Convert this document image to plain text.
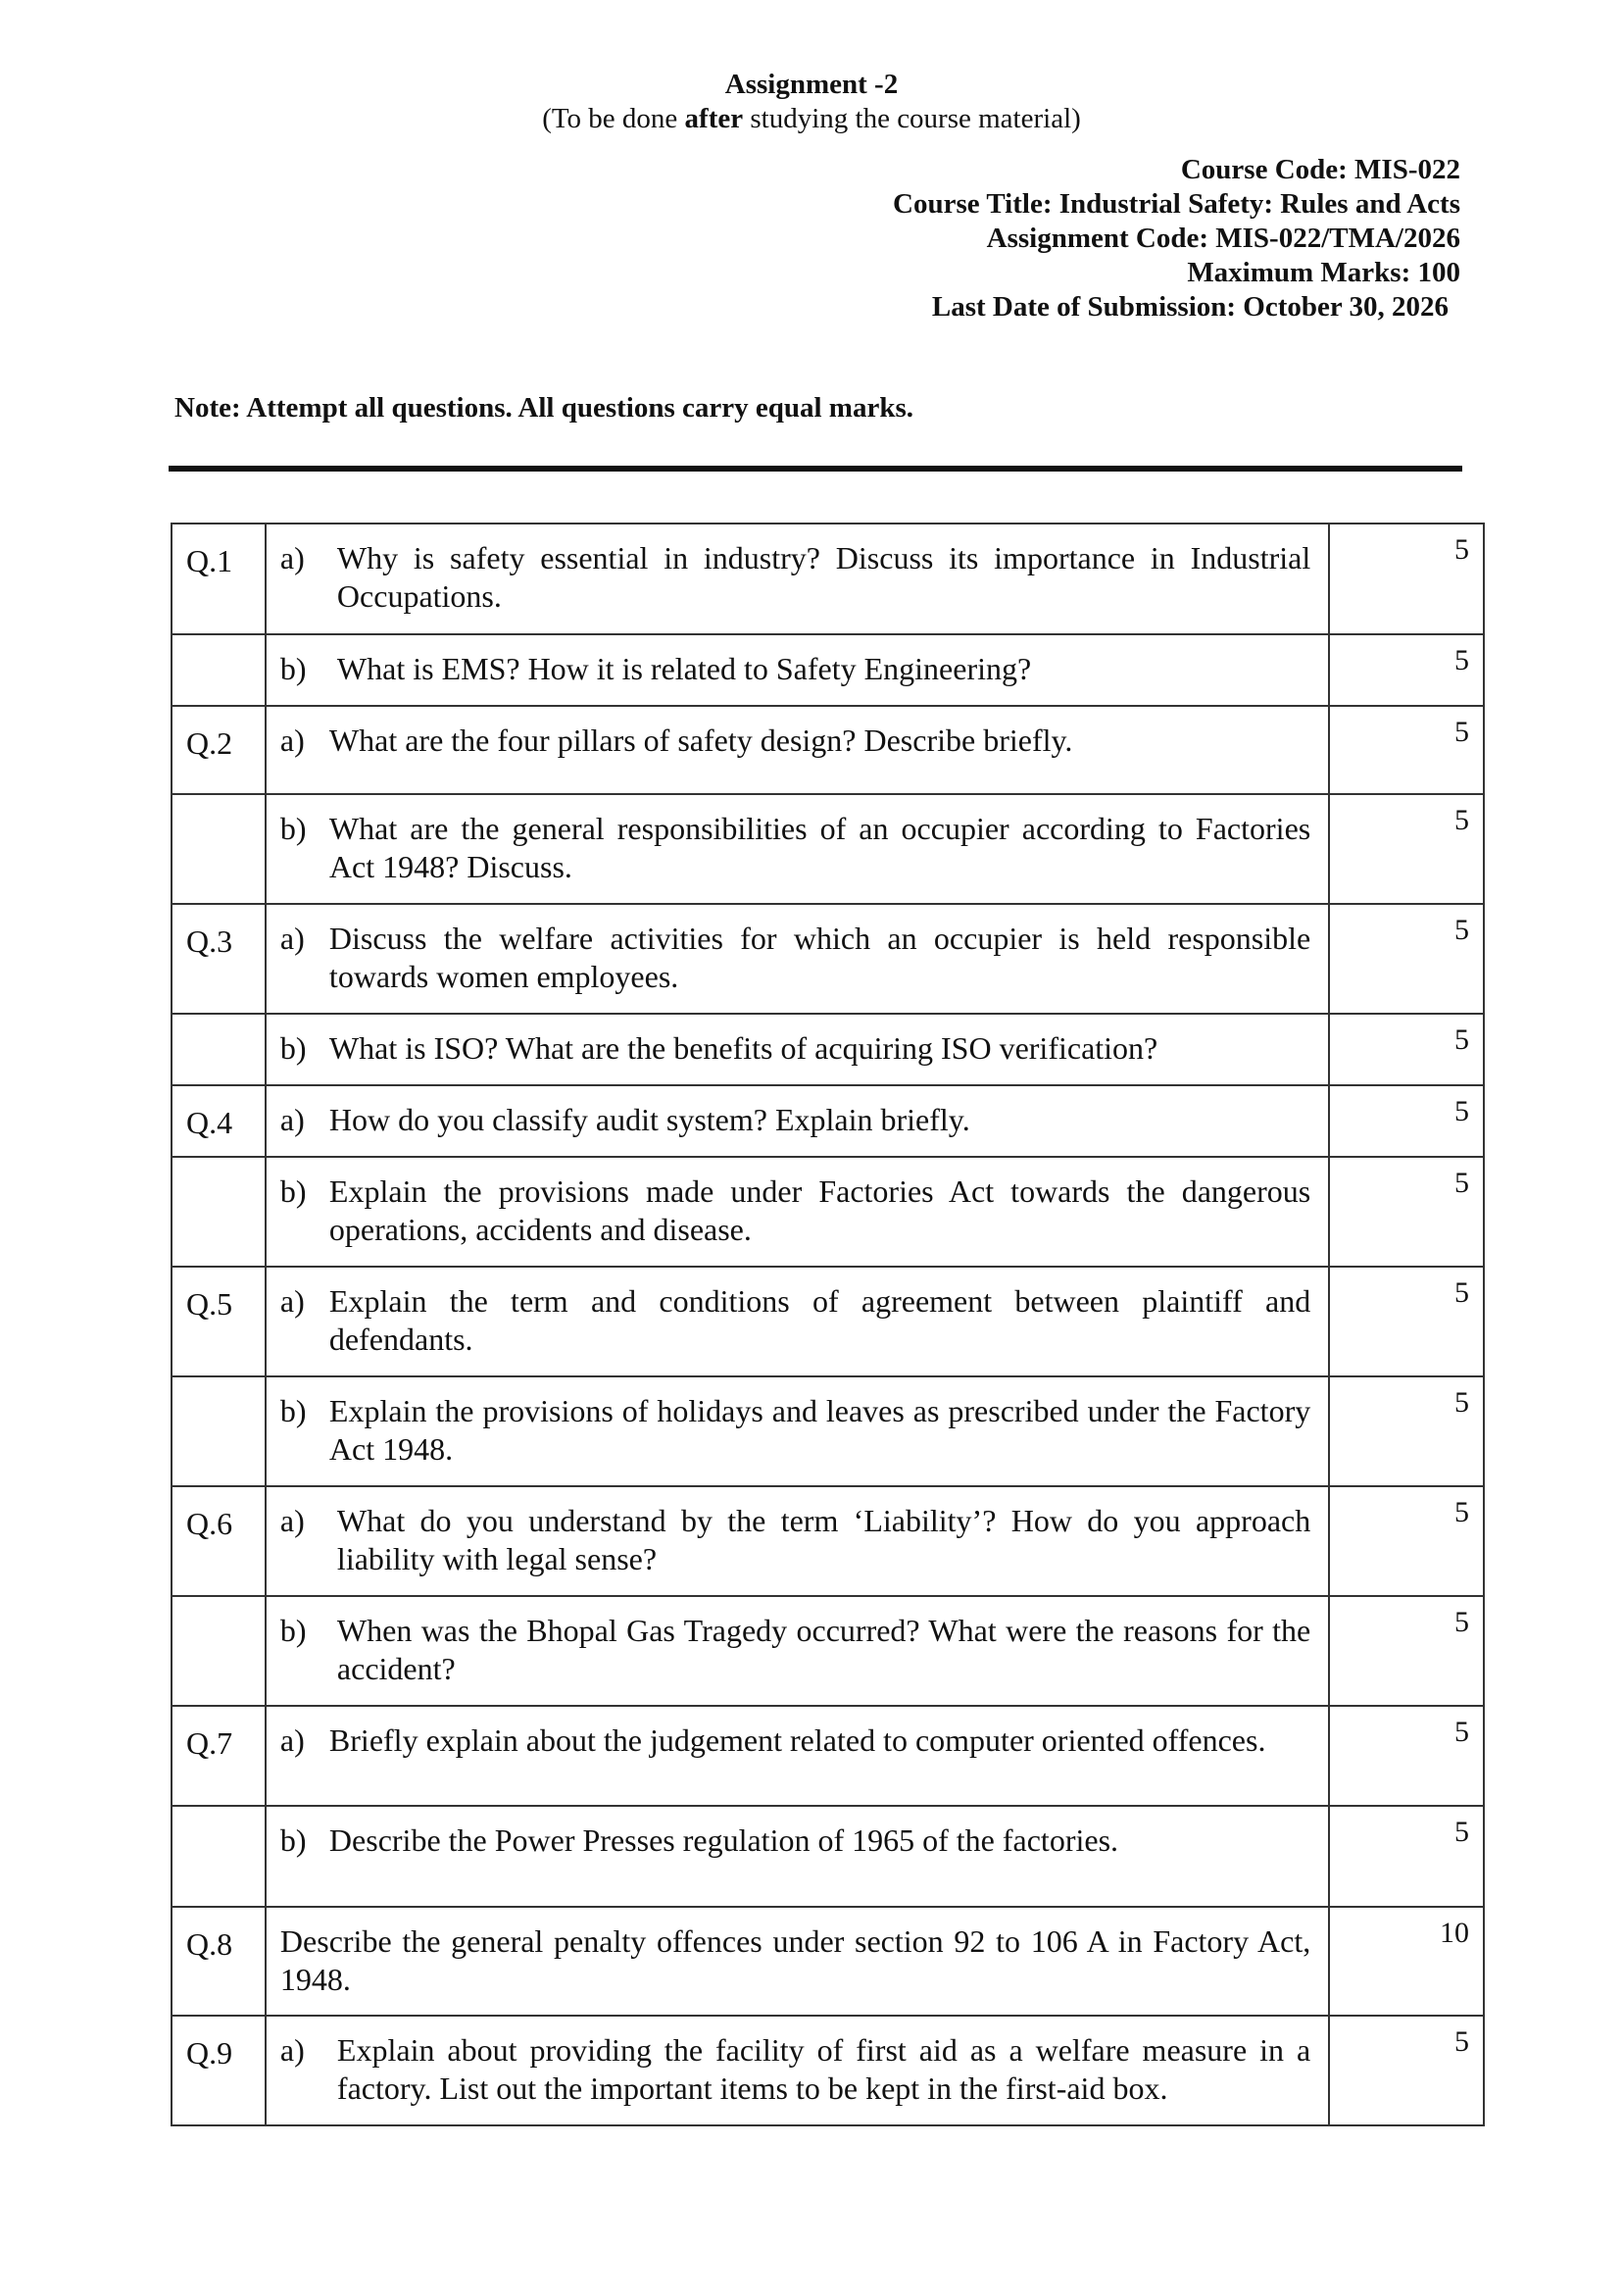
Assignment -2
(To be done after studying the course material)
Course Code: MIS-022
Course Title: Industrial Safety: Rules and Acts
Assignment Code: MIS-022/TMA/2026
Maximum Marks: 100
Last Date of Submission: October 30, 2026
Note: Attempt all questions. All questions carry equal marks.
Q.1	a) Why is safety essential in industry? Discuss its importance in Industrial Occupations.	5

	b) What is EMS? How it is related to Safety Engineering?	5
Q.2	a) What are the four pillars of safety design? Describe briefly.	5

	b) What are the general responsibilities of an occupier according to Factories Act 1948? Discuss.	5
Q.3	a) Discuss the welfare activities for which an occupier is held responsible towards women employees.	5

	b) What is ISO? What are the benefits of acquiring ISO verification?	5
Q.4	a) How do you classify audit system? Explain briefly.	5

	b) Explain the provisions made under Factories Act towards the dangerous operations, accidents and disease.	5
Q.5	a) Explain the term and conditions of agreement between plaintiff and defendants.	5

	b) Explain the provisions of holidays and leaves as prescribed under the Factory Act 1948.	5
Q.6	a) What do you understand by the term ‘Liability’? How do you approach liability with legal sense?	5

	b) When was the Bhopal Gas Tragedy occurred? What were the reasons for the accident?	5
Q.7	a) Briefly explain about the judgement related to computer oriented offences.	5

	b) Describe the Power Presses regulation of 1965 of the factories.	5
Q.8	Describe the general penalty offences under section 92 to 106 A in Factory Act, 1948.	10
Q.9	a) Explain about providing the facility of first aid as a welfare measure in a factory. List out the important items to be kept in the first-aid box.	5
